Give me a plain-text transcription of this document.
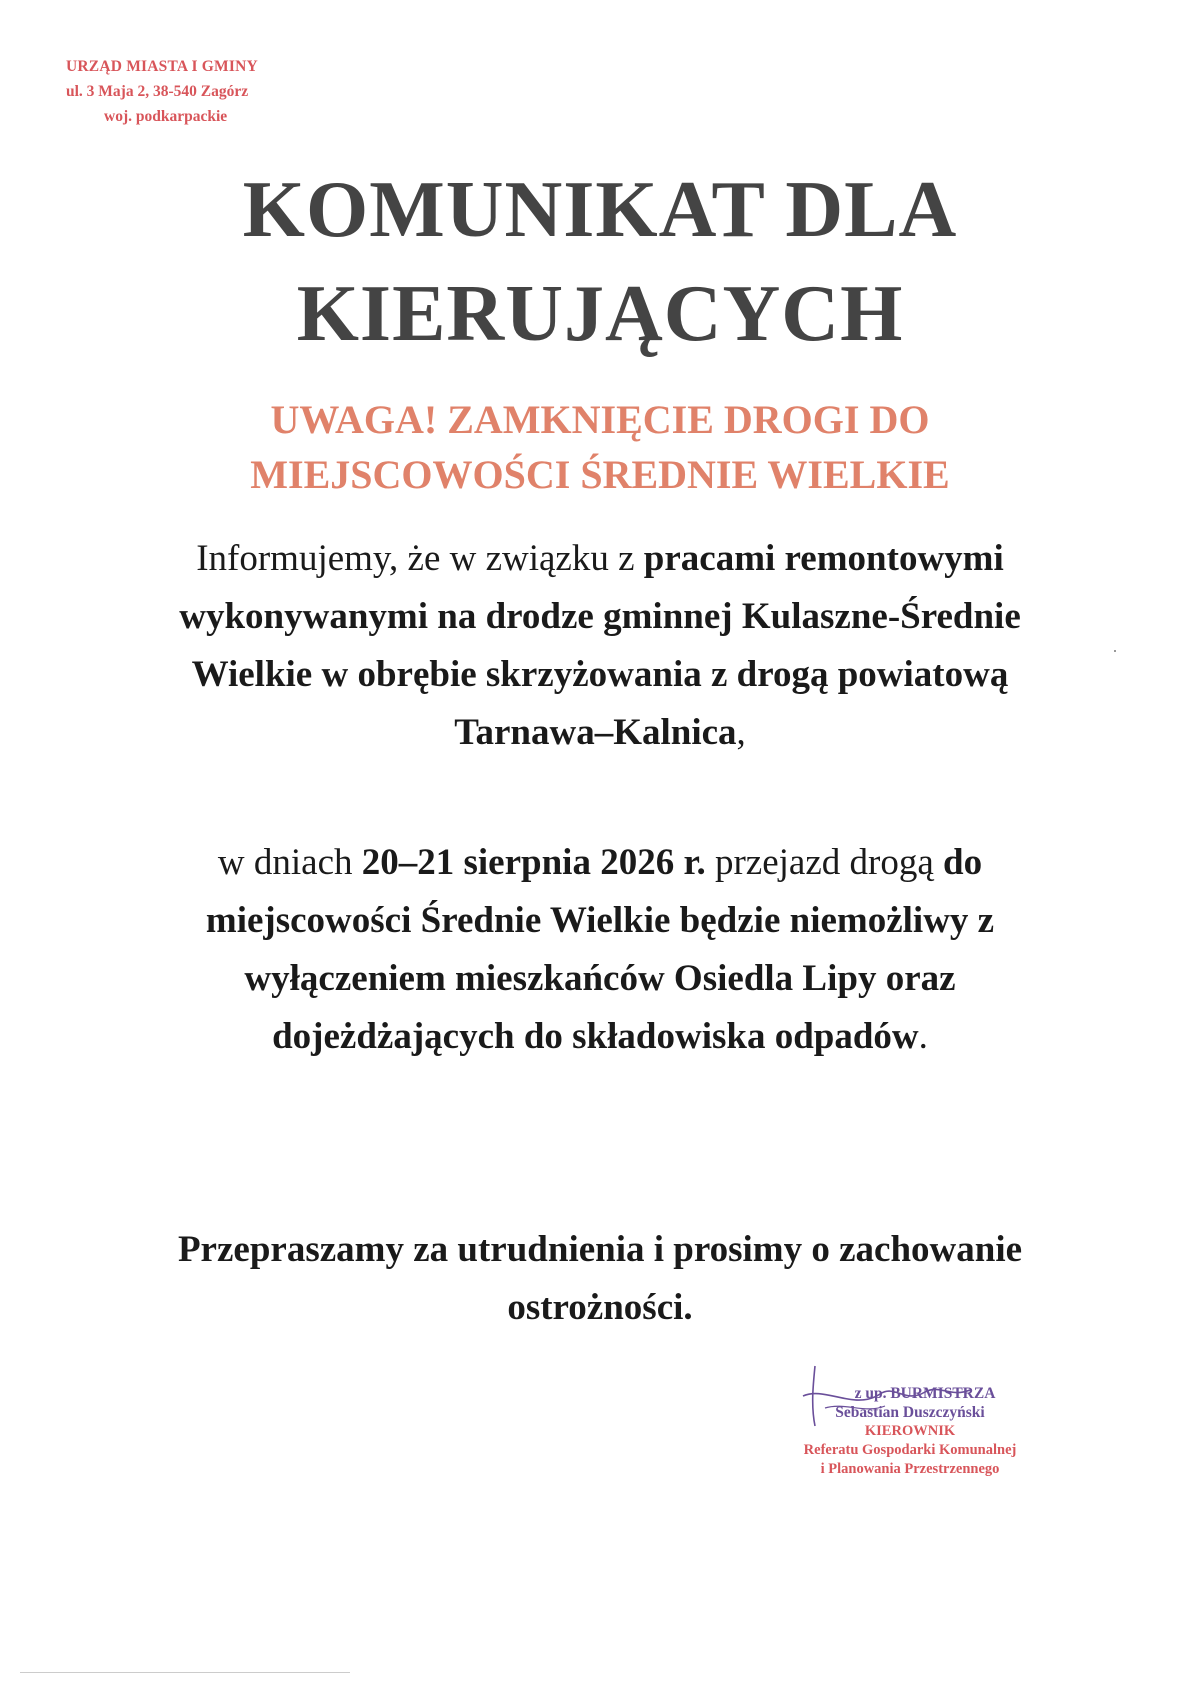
URZĄD MIASTA I GMINY
ul. 3 Maja 2, 38-540 Zagórz
woj. podkarpackie
KOMUNIKAT DLA
KIERUJĄCYCH
UWAGA! ZAMKNIĘCIE DROGI DO
MIEJSCOWOŚCI ŚREDNIE WIELKIE
Informujemy, że w związku z pracami remontowymi wykonywanymi na drodze gminnej Kulaszne-Średnie Wielkie w obrębie skrzyżowania z drogą powiatową Tarnawa–Kalnica,
w dniach 20–21 sierpnia 2026 r. przejazd drogą do miejscowości Średnie Wielkie będzie niemożliwy z wyłączeniem mieszkańców Osiedla Lipy oraz dojeżdżających do składowiska odpadów.
Przepraszamy za utrudnienia i prosimy o zachowanie ostrożności.
z up. BURMISTRZA
Sebastian Duszczyński
KIEROWNIK
Referatu Gospodarki Komunalnej
i Planowania Przestrzennego
